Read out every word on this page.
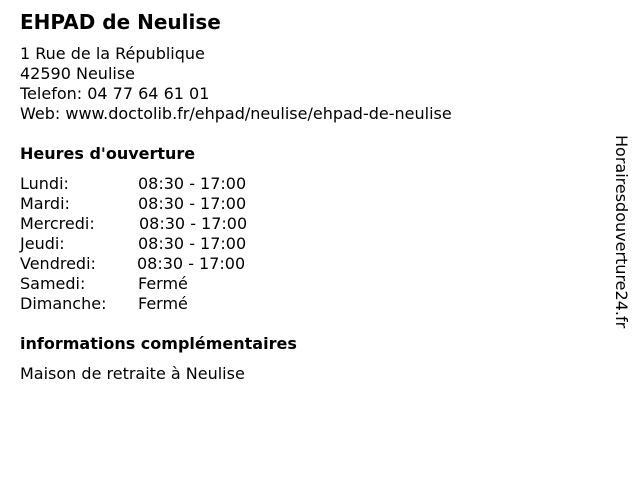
EHPAD de Neulise
1 Rue de la République
42590 Neulise
Telefon: 04 77 64 61 01
Web: www.doctolib.fr/ehpad/neulise/ehpad-de-neulise
Heures d'ouverture
Lundi:	08:30 - 17:00
Mardi:	08:30 - 17:00
Mercredi:	08:30 - 17:00
Jeudi:	08:30 - 17:00
Vendredi:	08:30 - 17:00
Samedi:	Fermé
Dimanche: Fermé
informations complémentaires
Maison de retraite à Neulise
Horairesdouverture24.fr
